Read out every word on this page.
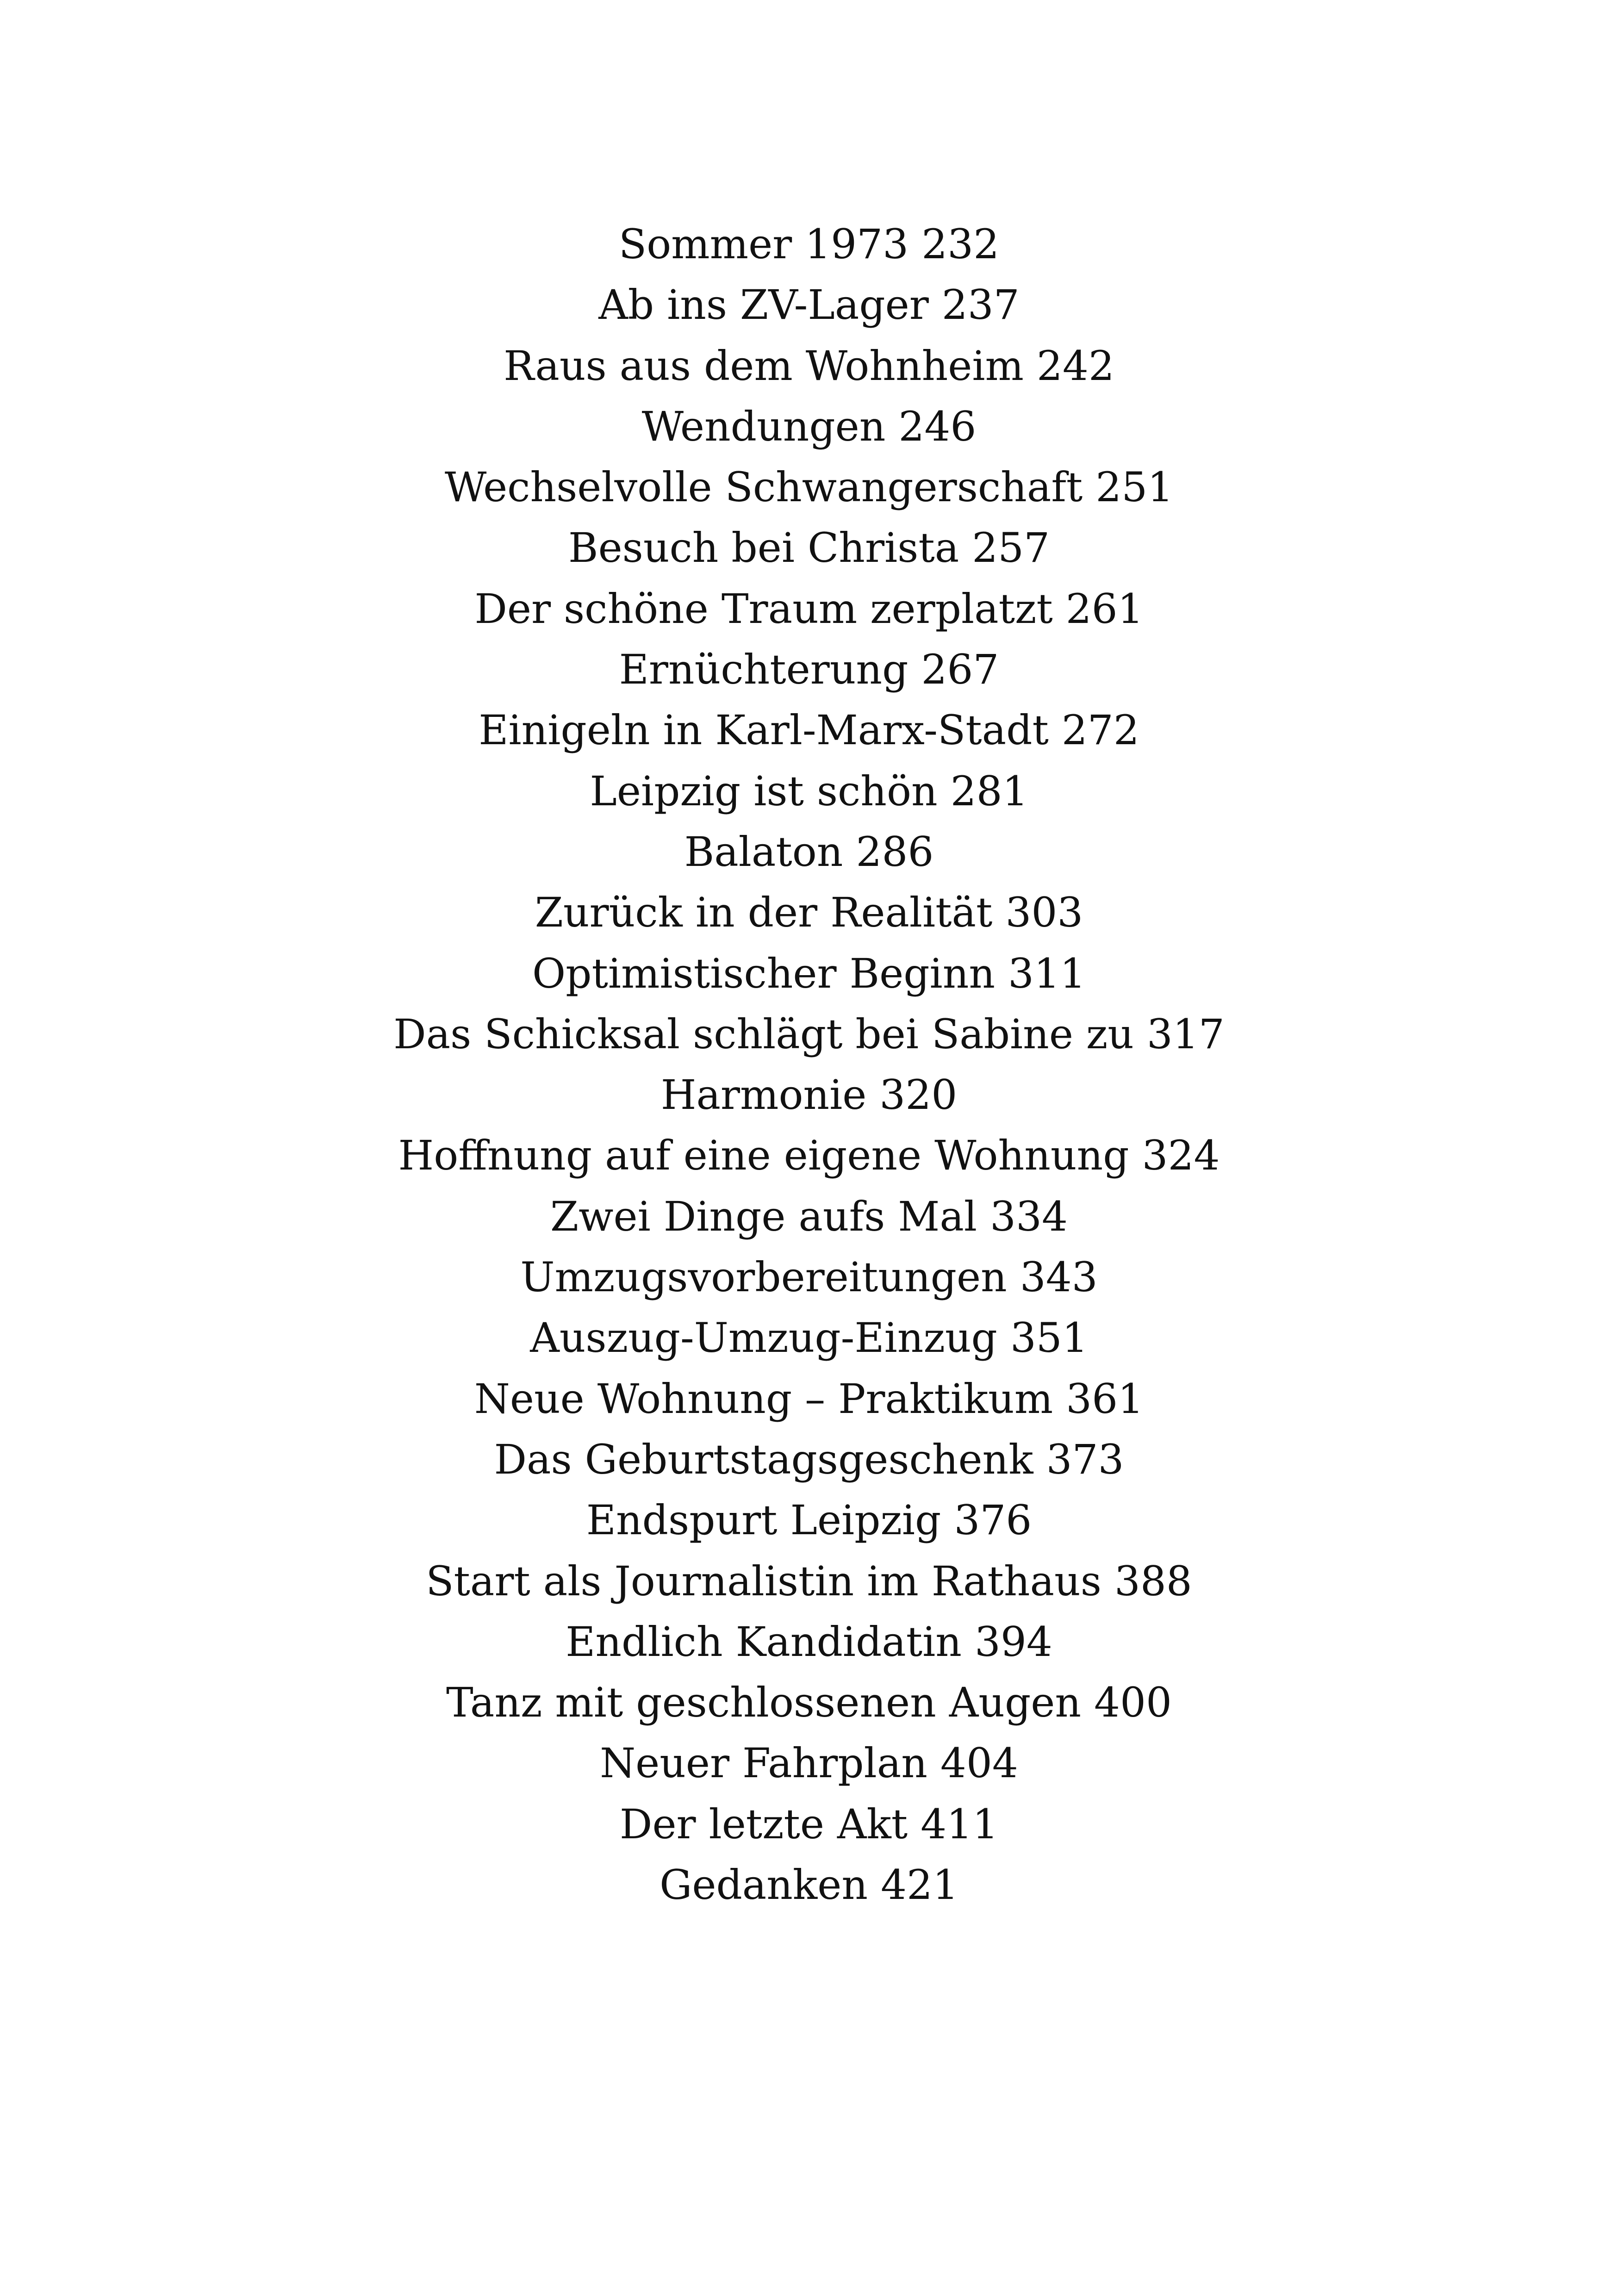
Sommer 1973 232
Ab ins ZV-Lager 237
Raus aus dem Wohnheim 242
Wendungen 246
Wechselvolle Schwangerschaft 251
Besuch bei Christa 257
Der schöne Traum zerplatzt 261
Ernüchterung 267
Einigeln in Karl-Marx-Stadt 272
Leipzig ist schön 281
Balaton 286
Zurück in der Realität 303
Optimistischer Beginn 311
Das Schicksal schlägt bei Sabine zu 317
Harmonie 320
Hoffnung auf eine eigene Wohnung 324
Zwei Dinge aufs Mal 334
Umzugsvorbereitungen 343
Auszug-Umzug-Einzug 351
Neue Wohnung – Praktikum 361
Das Geburtstagsgeschenk 373
Endspurt Leipzig 376
Start als Journalistin im Rathaus 388
Endlich Kandidatin 394
Tanz mit geschlossenen Augen 400
Neuer Fahrplan 404
Der letzte Akt 411
Gedanken 421
